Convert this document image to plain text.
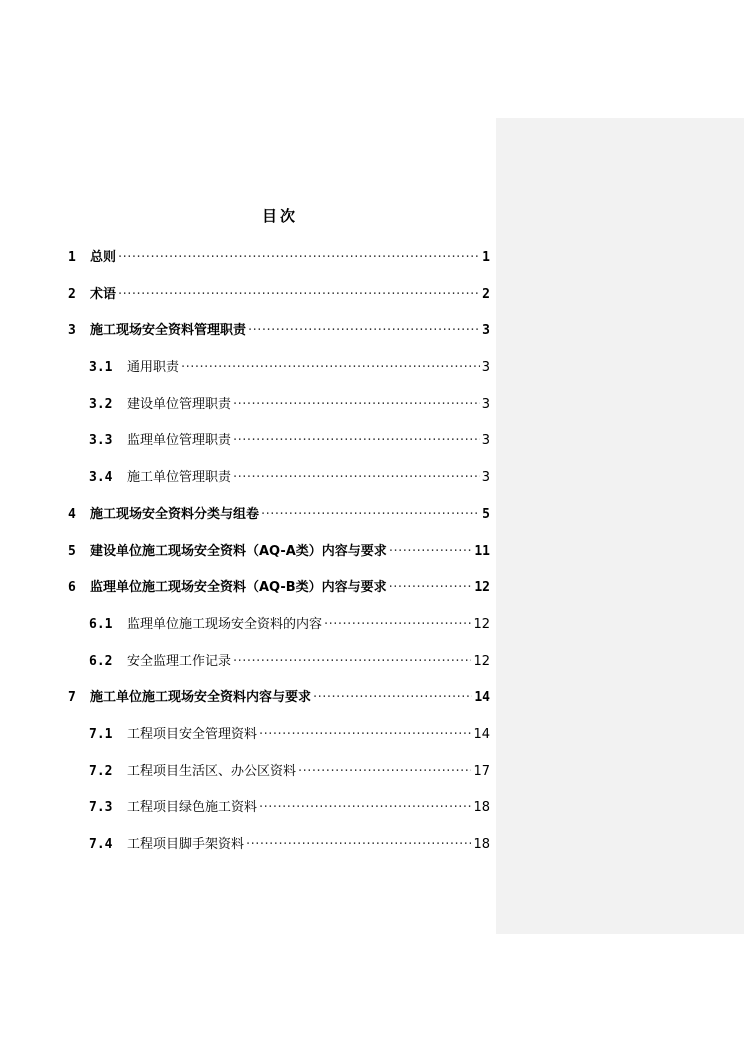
目次
1	总则 ·····	1
2	术语 ·····	2
3	施工现场安全资料管理职责 ·····	3
3.1	通用职责 ·····	3
3.2	建设单位管理职责 ·····	3
3.3	监理单位管理职责 ·····	3
3.4	施工单位管理职责 ·····	3
4	施工现场安全资料分类与组卷 ·····	5
5	建设单位施工现场安全资料（AQ-A类）内容与要求 ·····	11
6	监理单位施工现场安全资料（AQ-B类）内容与要求 ·····	12
6.1	监理单位施工现场安全资料的内容 ·····	12
6.2	安全监理工作记录 ·····	12
7	施工单位施工现场安全资料内容与要求 ·····	14
7.1	工程项目安全管理资料 ·····	14
7.2	工程项目生活区、办公区资料 ·····	17
7.3	工程项目绿色施工资料 ·····	18
7.4	工程项目脚手架资料 ·····	18
